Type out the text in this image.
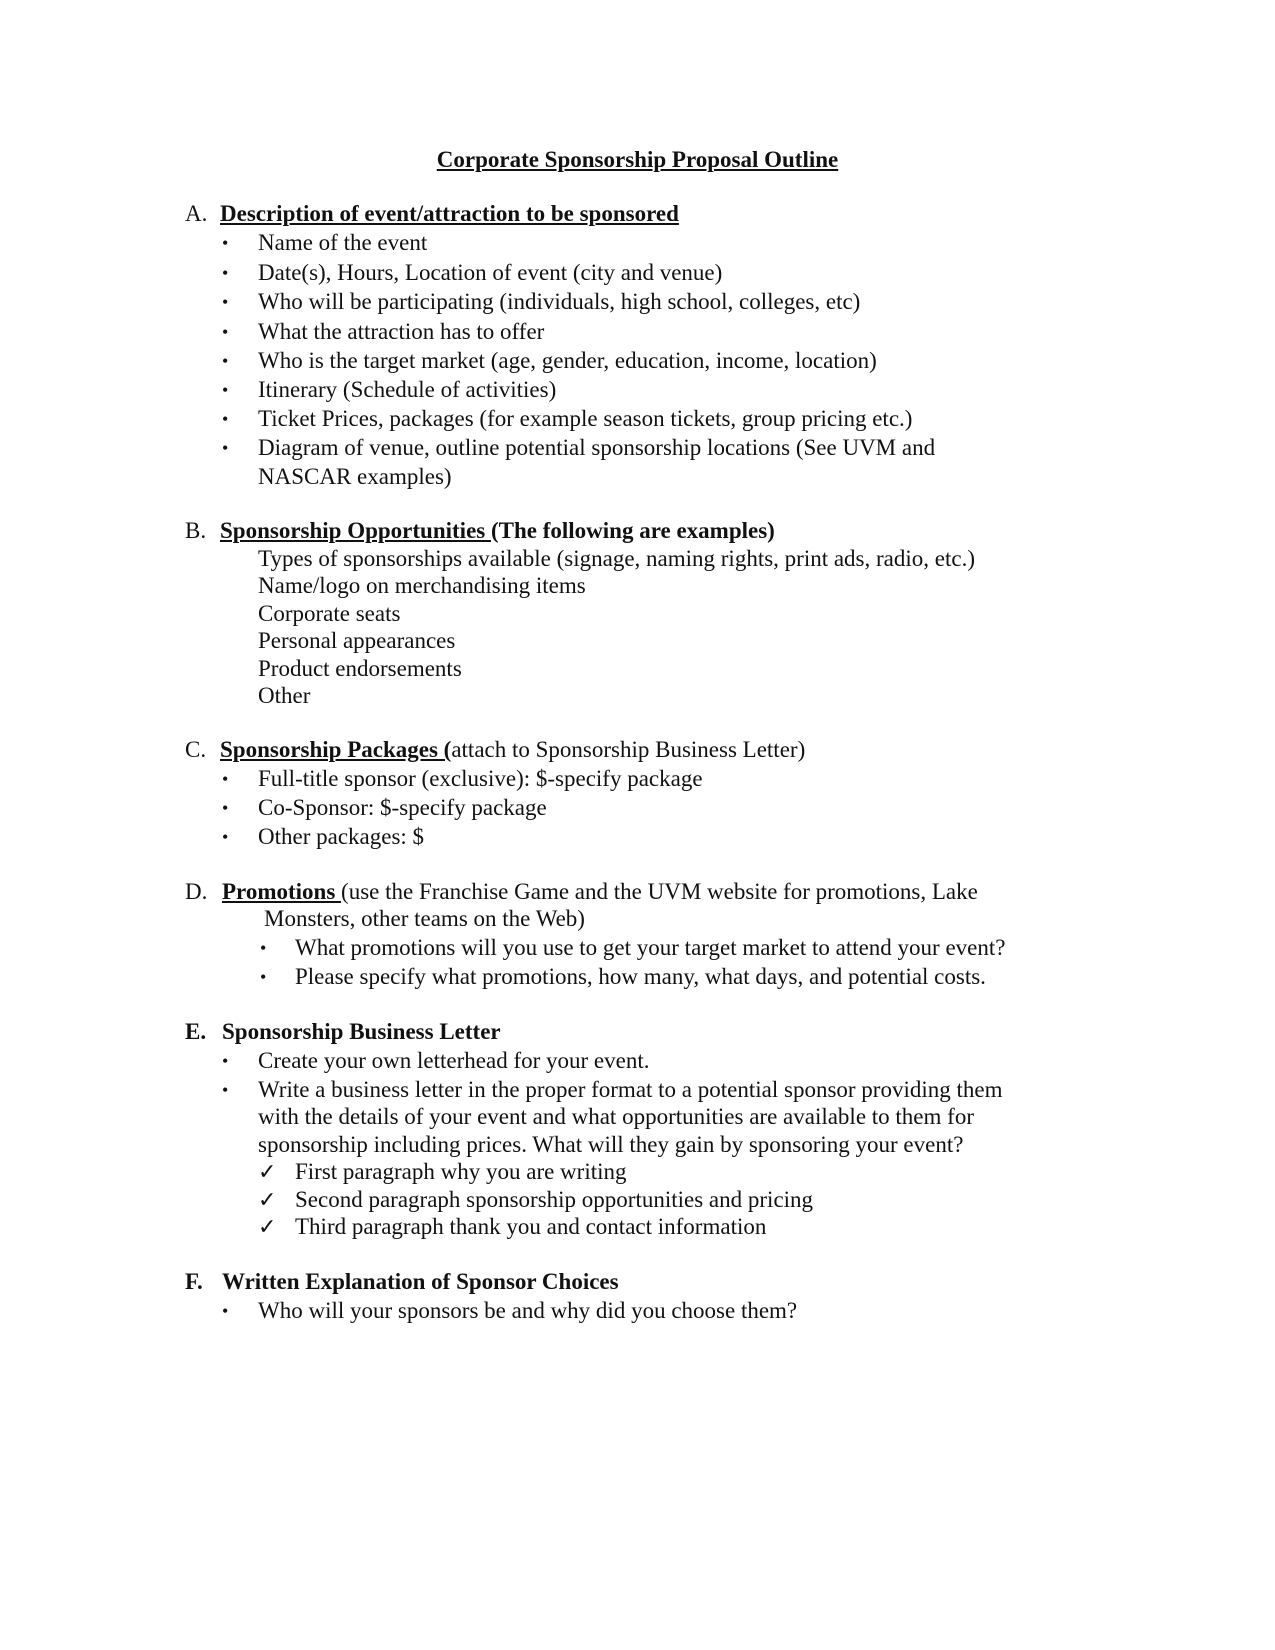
Corporate Sponsorship Proposal Outline
A. Description of event/attraction to be sponsored
• Name of the event
• Date(s), Hours, Location of event (city and venue)
• Who will be participating (individuals, high school, colleges, etc)
• What the attraction has to offer
• Who is the target market (age, gender, education, income, location)
• Itinerary (Schedule of activities)
• Ticket Prices, packages (for example season tickets, group pricing etc.)
• Diagram of venue, outline potential sponsorship locations (See UVM and
NASCAR examples)
B. Sponsorship Opportunities (The following are examples)
Types of sponsorships available (signage, naming rights, print ads, radio, etc.)
Name/logo on merchandising items
Corporate seats
Personal appearances
Product endorsements
Other
C. Sponsorship Packages (attach to Sponsorship Business Letter)
• Full-title sponsor (exclusive): $-specify package
• Co-Sponsor: $-specify package
• Other packages: $
D. Promotions (use the Franchise Game and the UVM website for promotions, Lake
Monsters, other teams on the Web)
• What promotions will you use to get your target market to attend your event?
• Please specify what promotions, how many, what days, and potential costs.
E. Sponsorship Business Letter
• Create your own letterhead for your event.
• Write a business letter in the proper format to a potential sponsor providing them
with the details of your event and what opportunities are available to them for
sponsorship including prices. What will they gain by sponsoring your event?
✓ First paragraph why you are writing
✓ Second paragraph sponsorship opportunities and pricing
✓ Third paragraph thank you and contact information
F. Written Explanation of Sponsor Choices
• Who will your sponsors be and why did you choose them?
